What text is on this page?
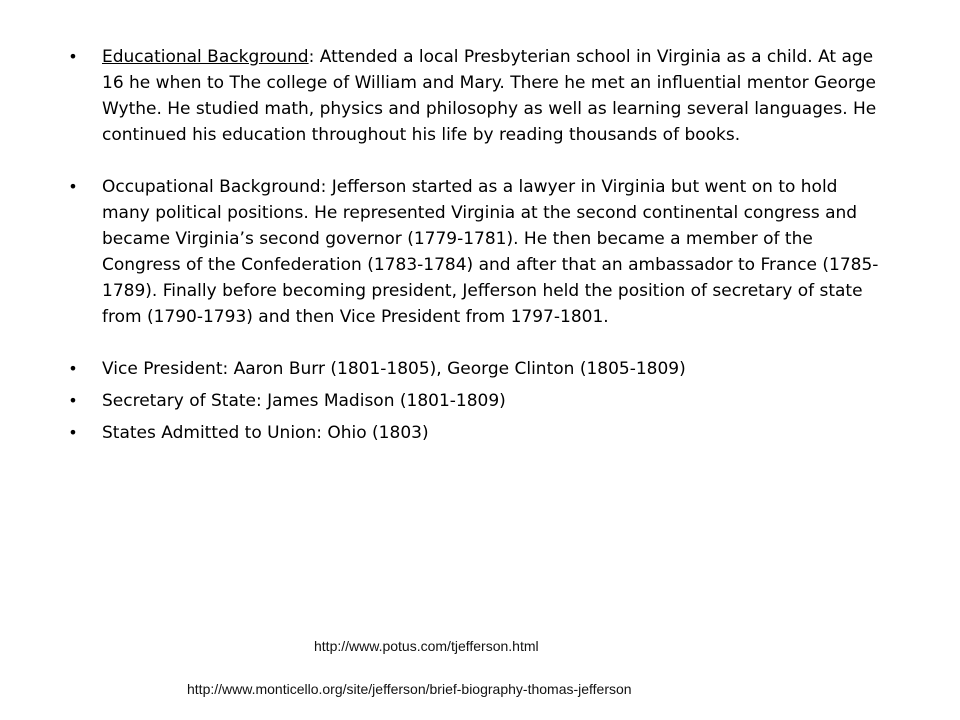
• Educational Background: Attended a local Presbyterian school in Virginia as a child. At age 16 he when to The college of William and Mary. There he met an influential mentor George Wythe. He studied math, physics and philosophy as well as learning several languages. He continued his education throughout his life by reading thousands of books.
• Occupational Background: Jefferson started as a lawyer in Virginia but went on to hold many political positions. He represented Virginia at the second continental congress and became Virginia’s second governor (1779-1781). He then became a member of the Congress of the Confederation (1783-1784) and after that an ambassador to France (1785-1789). Finally before becoming president, Jefferson held the position of secretary of state from (1790-1793) and then Vice President from 1797-1801.
• Vice President: Aaron Burr (1801-1805), George Clinton (1805-1809)
• Secretary of State: James Madison (1801-1809)
• States Admitted to Union: Ohio (1803)
http://www.potus.com/tjefferson.html
http://www.monticello.org/site/jefferson/brief-biography-thomas-jefferson
